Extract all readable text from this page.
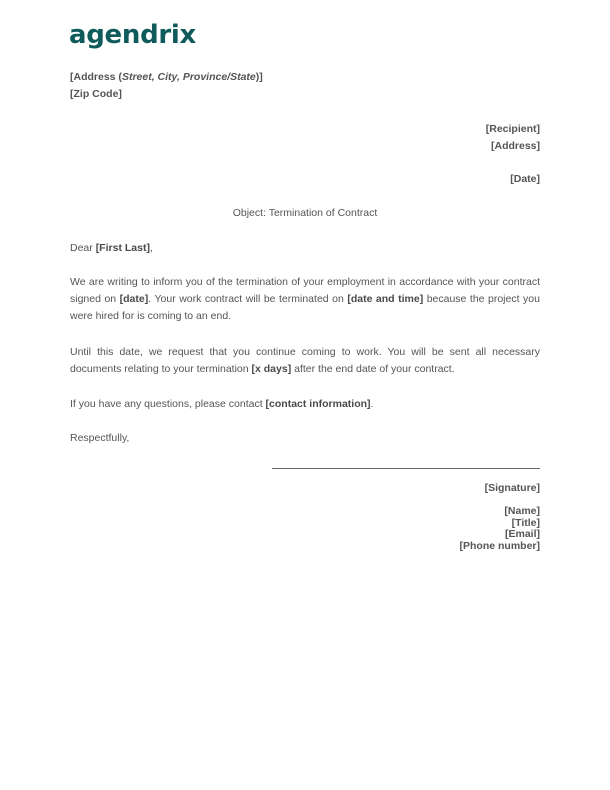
agendrix
[Address (Street, City, Province/State)]
[Zip Code]
[Recipient]
[Address]
[Date]
Object: Termination of Contract
Dear [First Last],
We are writing to inform you of the termination of your employment in accordance with your contract signed on [date]. Your work contract will be terminated on [date and time] because the project you were hired for is coming to an end.
Until this date, we request that you continue coming to work. You will be sent all necessary documents relating to your termination [x days] after the end date of your contract.
If you have any questions, please contact [contact information].
Respectfully,
[Signature]
[Name]
[Title]
[Email]
[Phone number]
